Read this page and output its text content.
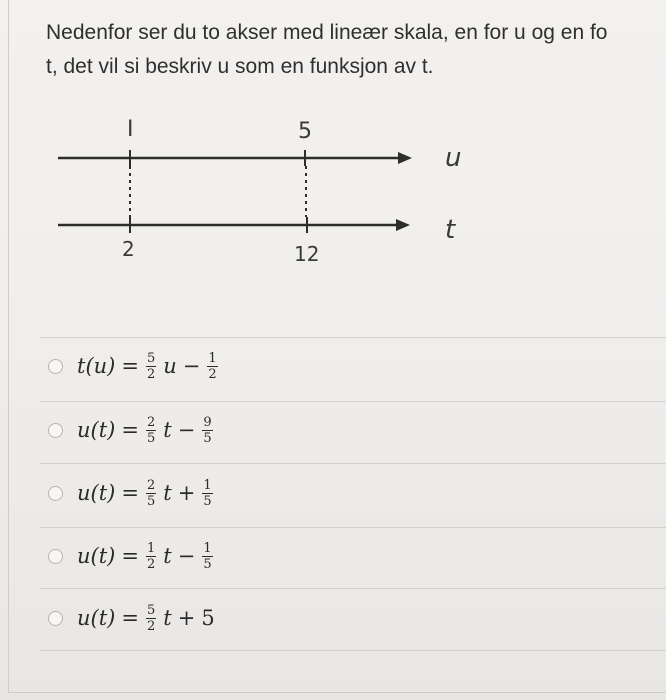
Nedenfor ser du to akser med lineær skala, en for u og en fo
t, det vil si beskriv u som en funksjon av t.
I	5
u
2	12
t
$t(u) = \frac{5}{2}$ $u - \frac{1}{2}$
$u(t) = \frac{2}{5}$ $t - \frac{9}{5}$
$u(t) = \frac{2}{5}$ $t + \frac{1}{5}$
$u(t) = \frac{1}{2}$ $t - \frac{1}{5}$
$u(t) = \frac{5}{2}$ t + 5
